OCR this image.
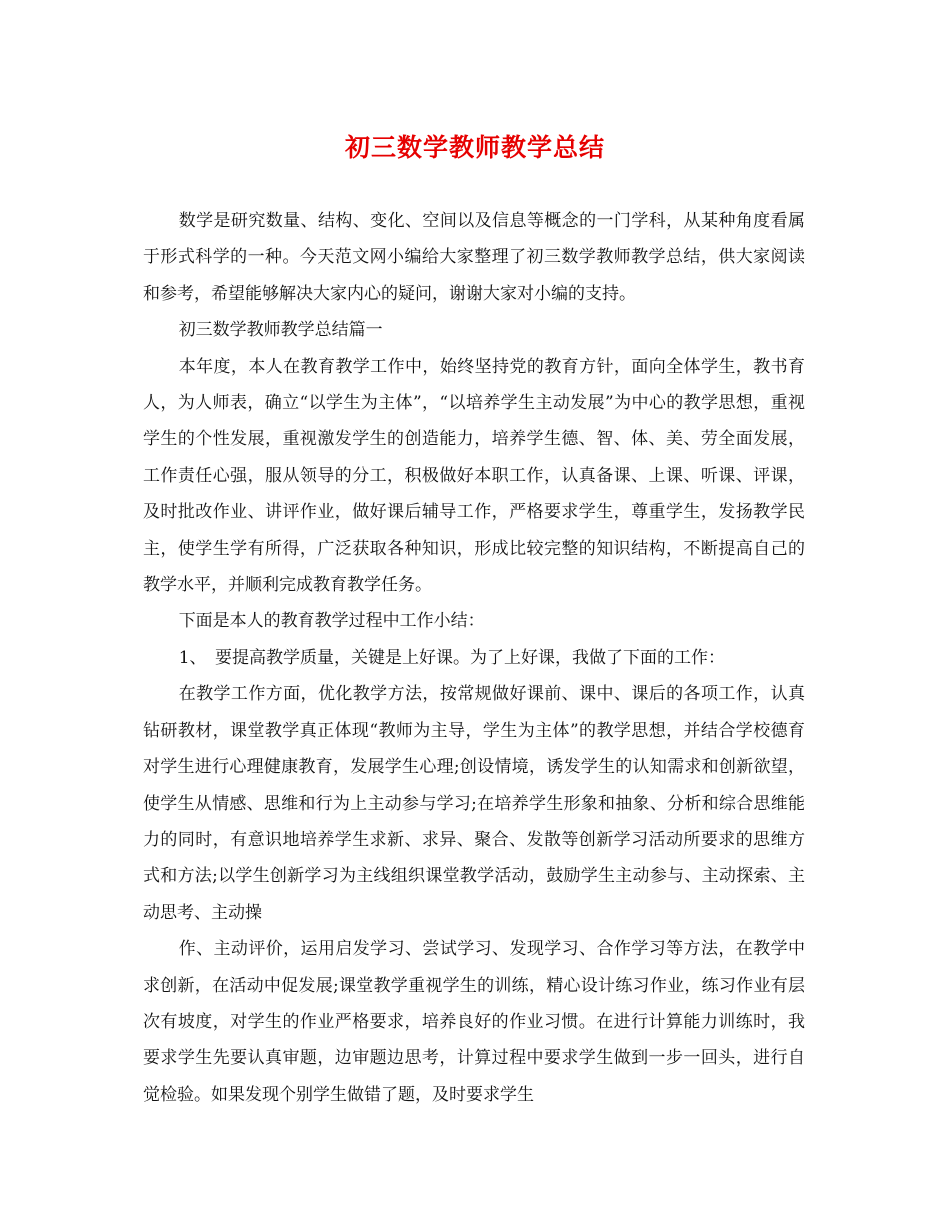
初三数学教师教学总结

数学是研究数量、结构、变化、空间以及信息等概念的一门学科，从某种角度看属于形式科学的一种。今天范文网小编给大家整理了初三数学教师教学总结，供大家阅读和参考，希望能够解决大家内心的疑问，谢谢大家对小编的支持。

初三数学教师教学总结篇一

本年度，本人在教育教学工作中，始终坚持党的教育方针，面向全体学生，教书育人，为人师表，确立“以学生为主体”，“以培养学生主动发展”为中心的教学思想，重视学生的个性发展，重视激发学生的创造能力，培养学生德、智、体、美、劳全面发展，工作责任心强，服从领导的分工，积极做好本职工作，认真备课、上课、听课、评课，及时批改作业、讲评作业，做好课后辅导工作，严格要求学生，尊重学生，发扬教学民主，使学生学有所得，广泛获取各种知识，形成比较完整的知识结构，不断提高自己的教学水平，并顺利完成教育教学任务。

下面是本人的教育教学过程中工作小结：

1、　要提高教学质量，关键是上好课。为了上好课，我做了下面的工作：

在教学工作方面，优化教学方法，按常规做好课前、课中、课后的各项工作，认真钻研教材，课堂教学真正体现“教师为主导，学生为主体”的教学思想，并结合学校德育对学生进行心理健康教育，发展学生心理;创设情境，诱发学生的认知需求和创新欲望，使学生从情感、思维和行为上主动参与学习;在培养学生形象和抽象、分析和综合思维能力的同时，有意识地培养学生求新、求异、聚合、发散等创新学习活动所要求的思维方式和方法;以学生创新学习为主线组织课堂教学活动，鼓励学生主动参与、主动探索、主动思考、主动操

作、主动评价，运用启发学习、尝试学习、发现学习、合作学习等方法，在教学中求创新，在活动中促发展;课堂教学重视学生的训练，精心设计练习作业，练习作业有层次有坡度，对学生的作业严格要求，培养良好的作业习惯。在进行计算能力训练时，我要求学生先要认真审题，边审题边思考，计算过程中要求学生做到一步一回头，进行自觉检验。如果发现个别学生做错了题，及时要求学生
